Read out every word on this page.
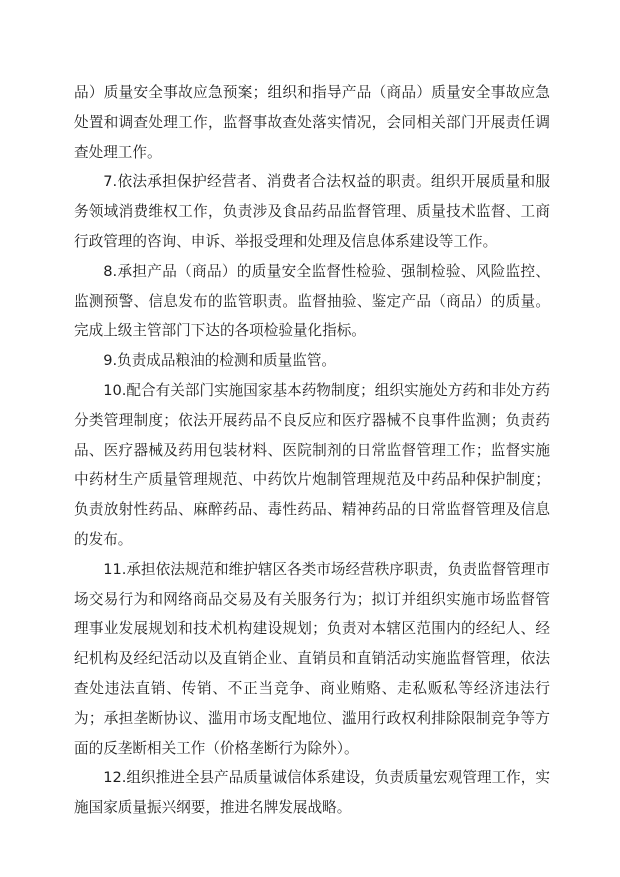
品）质量安全事故应急预案；组织和指导产品（商品）质量安全事故应急处置和调查处理工作，监督事故查处落实情况，会同相关部门开展责任调查处理工作。

7.依法承担保护经营者、消费者合法权益的职责。组织开展质量和服务领域消费维权工作，负责涉及食品药品监督管理、质量技术监督、工商行政管理的咨询、申诉、举报受理和处理及信息体系建设等工作。

8.承担产品（商品）的质量安全监督性检验、强制检验、风险监控、监测预警、信息发布的监管职责。监督抽验、鉴定产品（商品）的质量。完成上级主管部门下达的各项检验量化指标。

9.负责成品粮油的检测和质量监管。

10.配合有关部门实施国家基本药物制度；组织实施处方药和非处方药分类管理制度；依法开展药品不良反应和医疗器械不良事件监测；负责药品、医疗器械及药用包装材料、医院制剂的日常监督管理工作；监督实施中药材生产质量管理规范、中药饮片炮制管理规范及中药品种保护制度；负责放射性药品、麻醉药品、毒性药品、精神药品的日常监督管理及信息的发布。

11.承担依法规范和维护辖区各类市场经营秩序职责，负责监督管理市场交易行为和网络商品交易及有关服务行为；拟订并组织实施市场监督管理事业发展规划和技术机构建设规划；负责对本辖区范围内的经纪人、经纪机构及经纪活动以及直销企业、直销员和直销活动实施监督管理，依法查处违法直销、传销、不正当竞争、商业贿赂、走私贩私等经济违法行为；承担垄断协议、滥用市场支配地位、滥用行政权利排除限制竞争等方面的反垄断相关工作（价格垄断行为除外）。

12.组织推进全县产品质量诚信体系建设，负责质量宏观管理工作，实施国家质量振兴纲要，推进名牌发展战略。
